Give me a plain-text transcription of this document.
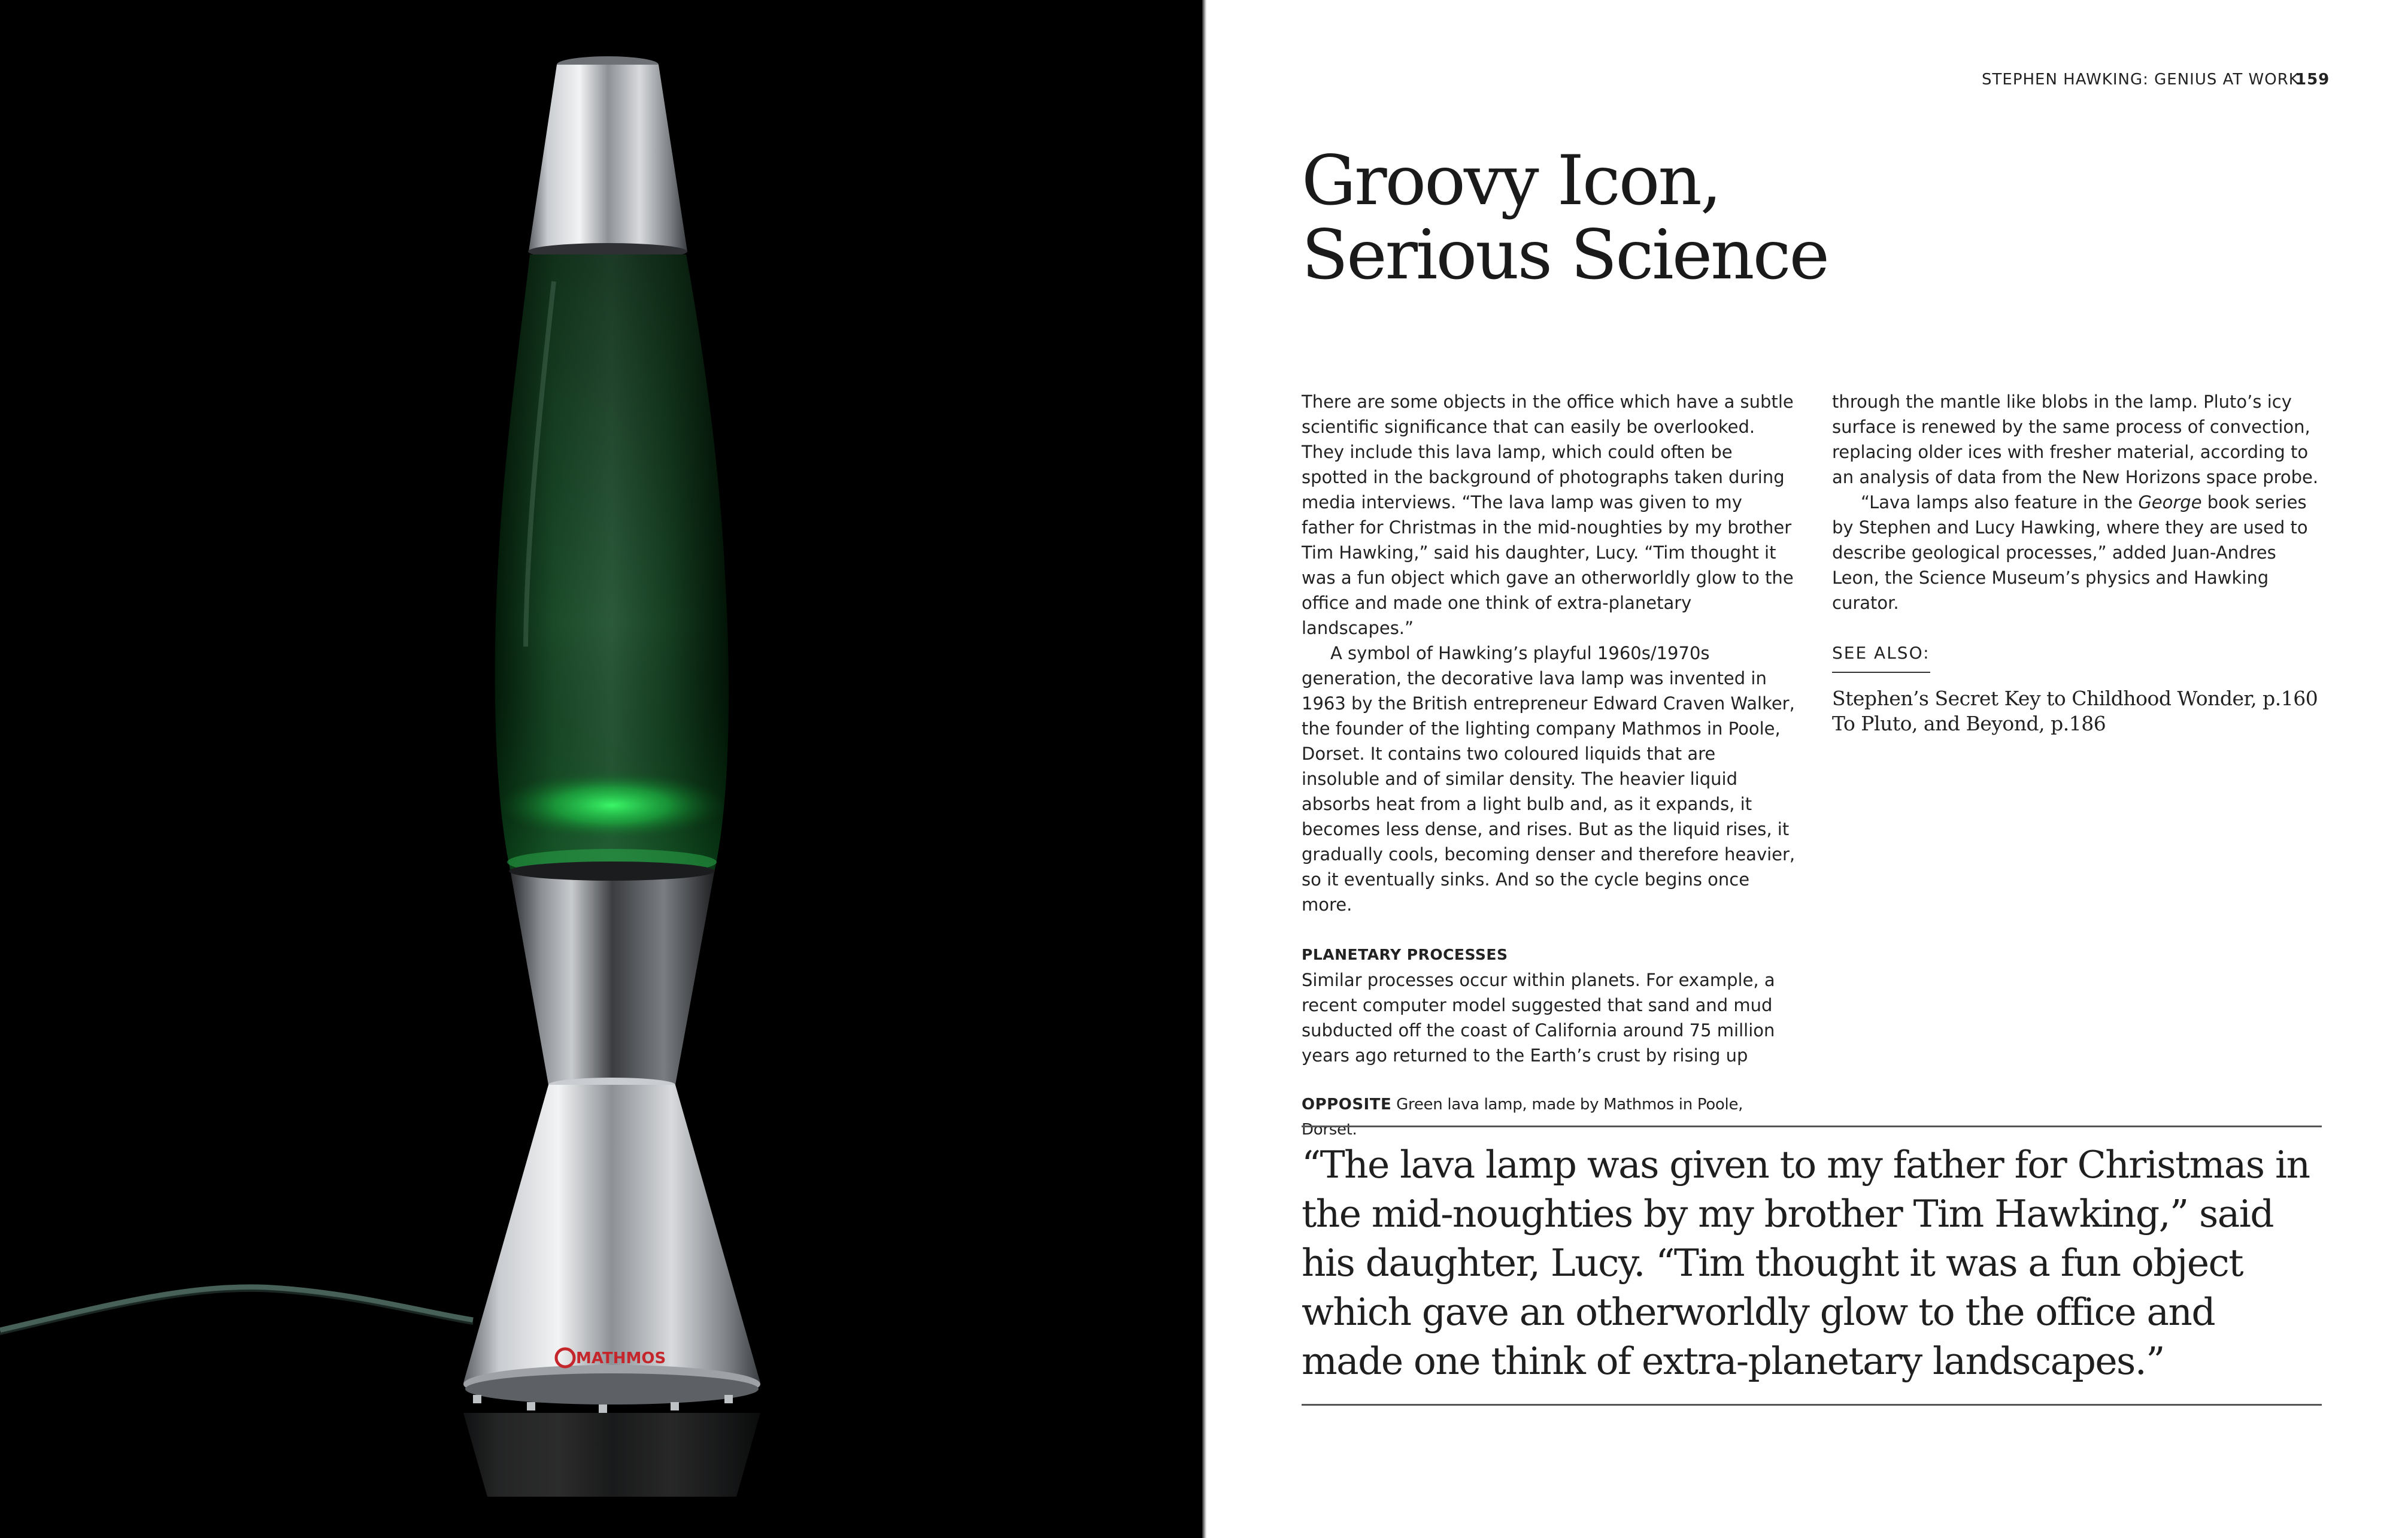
MATHMOS
STEPHEN HAWKING: GENIUS AT WORK
159
Groovy Icon,
Serious Science

There are some objects in the office which have a subtle scientific significance that can easily be overlooked. They include this lava lamp, which could often be spotted in the background of photographs taken during media interviews. “The lava lamp was given to my father for Christmas in the mid-noughties by my brother Tim Hawking,” said his daughter, Lucy. “Tim thought it was a fun object which gave an otherworldly glow to the office and made one think of extra-planetary landscapes.”

A symbol of Hawking’s playful 1960s/1970s generation, the decorative lava lamp was invented in 1963 by the British entrepreneur Edward Craven Walker, the founder of the lighting company Mathmos in Poole, Dorset. It contains two coloured liquids that are insoluble and of similar density. The heavier liquid absorbs heat from a light bulb and, as it expands, it becomes less dense, and rises. But as the liquid rises, it gradually cools, becoming denser and therefore heavier, so it eventually sinks. And so the cycle begins once more.

PLANETARY PROCESSES

Similar processes occur within planets. For example, a recent computer model suggested that sand and mud subducted off the coast of California around 75 million years ago returned to the Earth’s crust by rising up

OPPOSITE Green lava lamp, made by Mathmos in Poole, Dorset.

through the mantle like blobs in the lamp. Pluto’s icy surface is renewed by the same process of convection, replacing older ices with fresher material, according to an analysis of data from the New Horizons space probe.

“Lava lamps also feature in the George book series by Stephen and Lucy Hawking, where they are used to describe geological processes,” added Juan-Andres Leon, the Science Museum’s physics and Hawking curator.

SEE ALSO:

Stephen’s Secret Key to Childhood Wonder, p.160
To Pluto, and Beyond, p.186

“The lava lamp was given to my father for Christmas in the mid-noughties by my brother Tim Hawking,” said his daughter, Lucy. “Tim thought it was a fun object which gave an otherworldly glow to the office and made one think of extra-planetary landscapes.”
